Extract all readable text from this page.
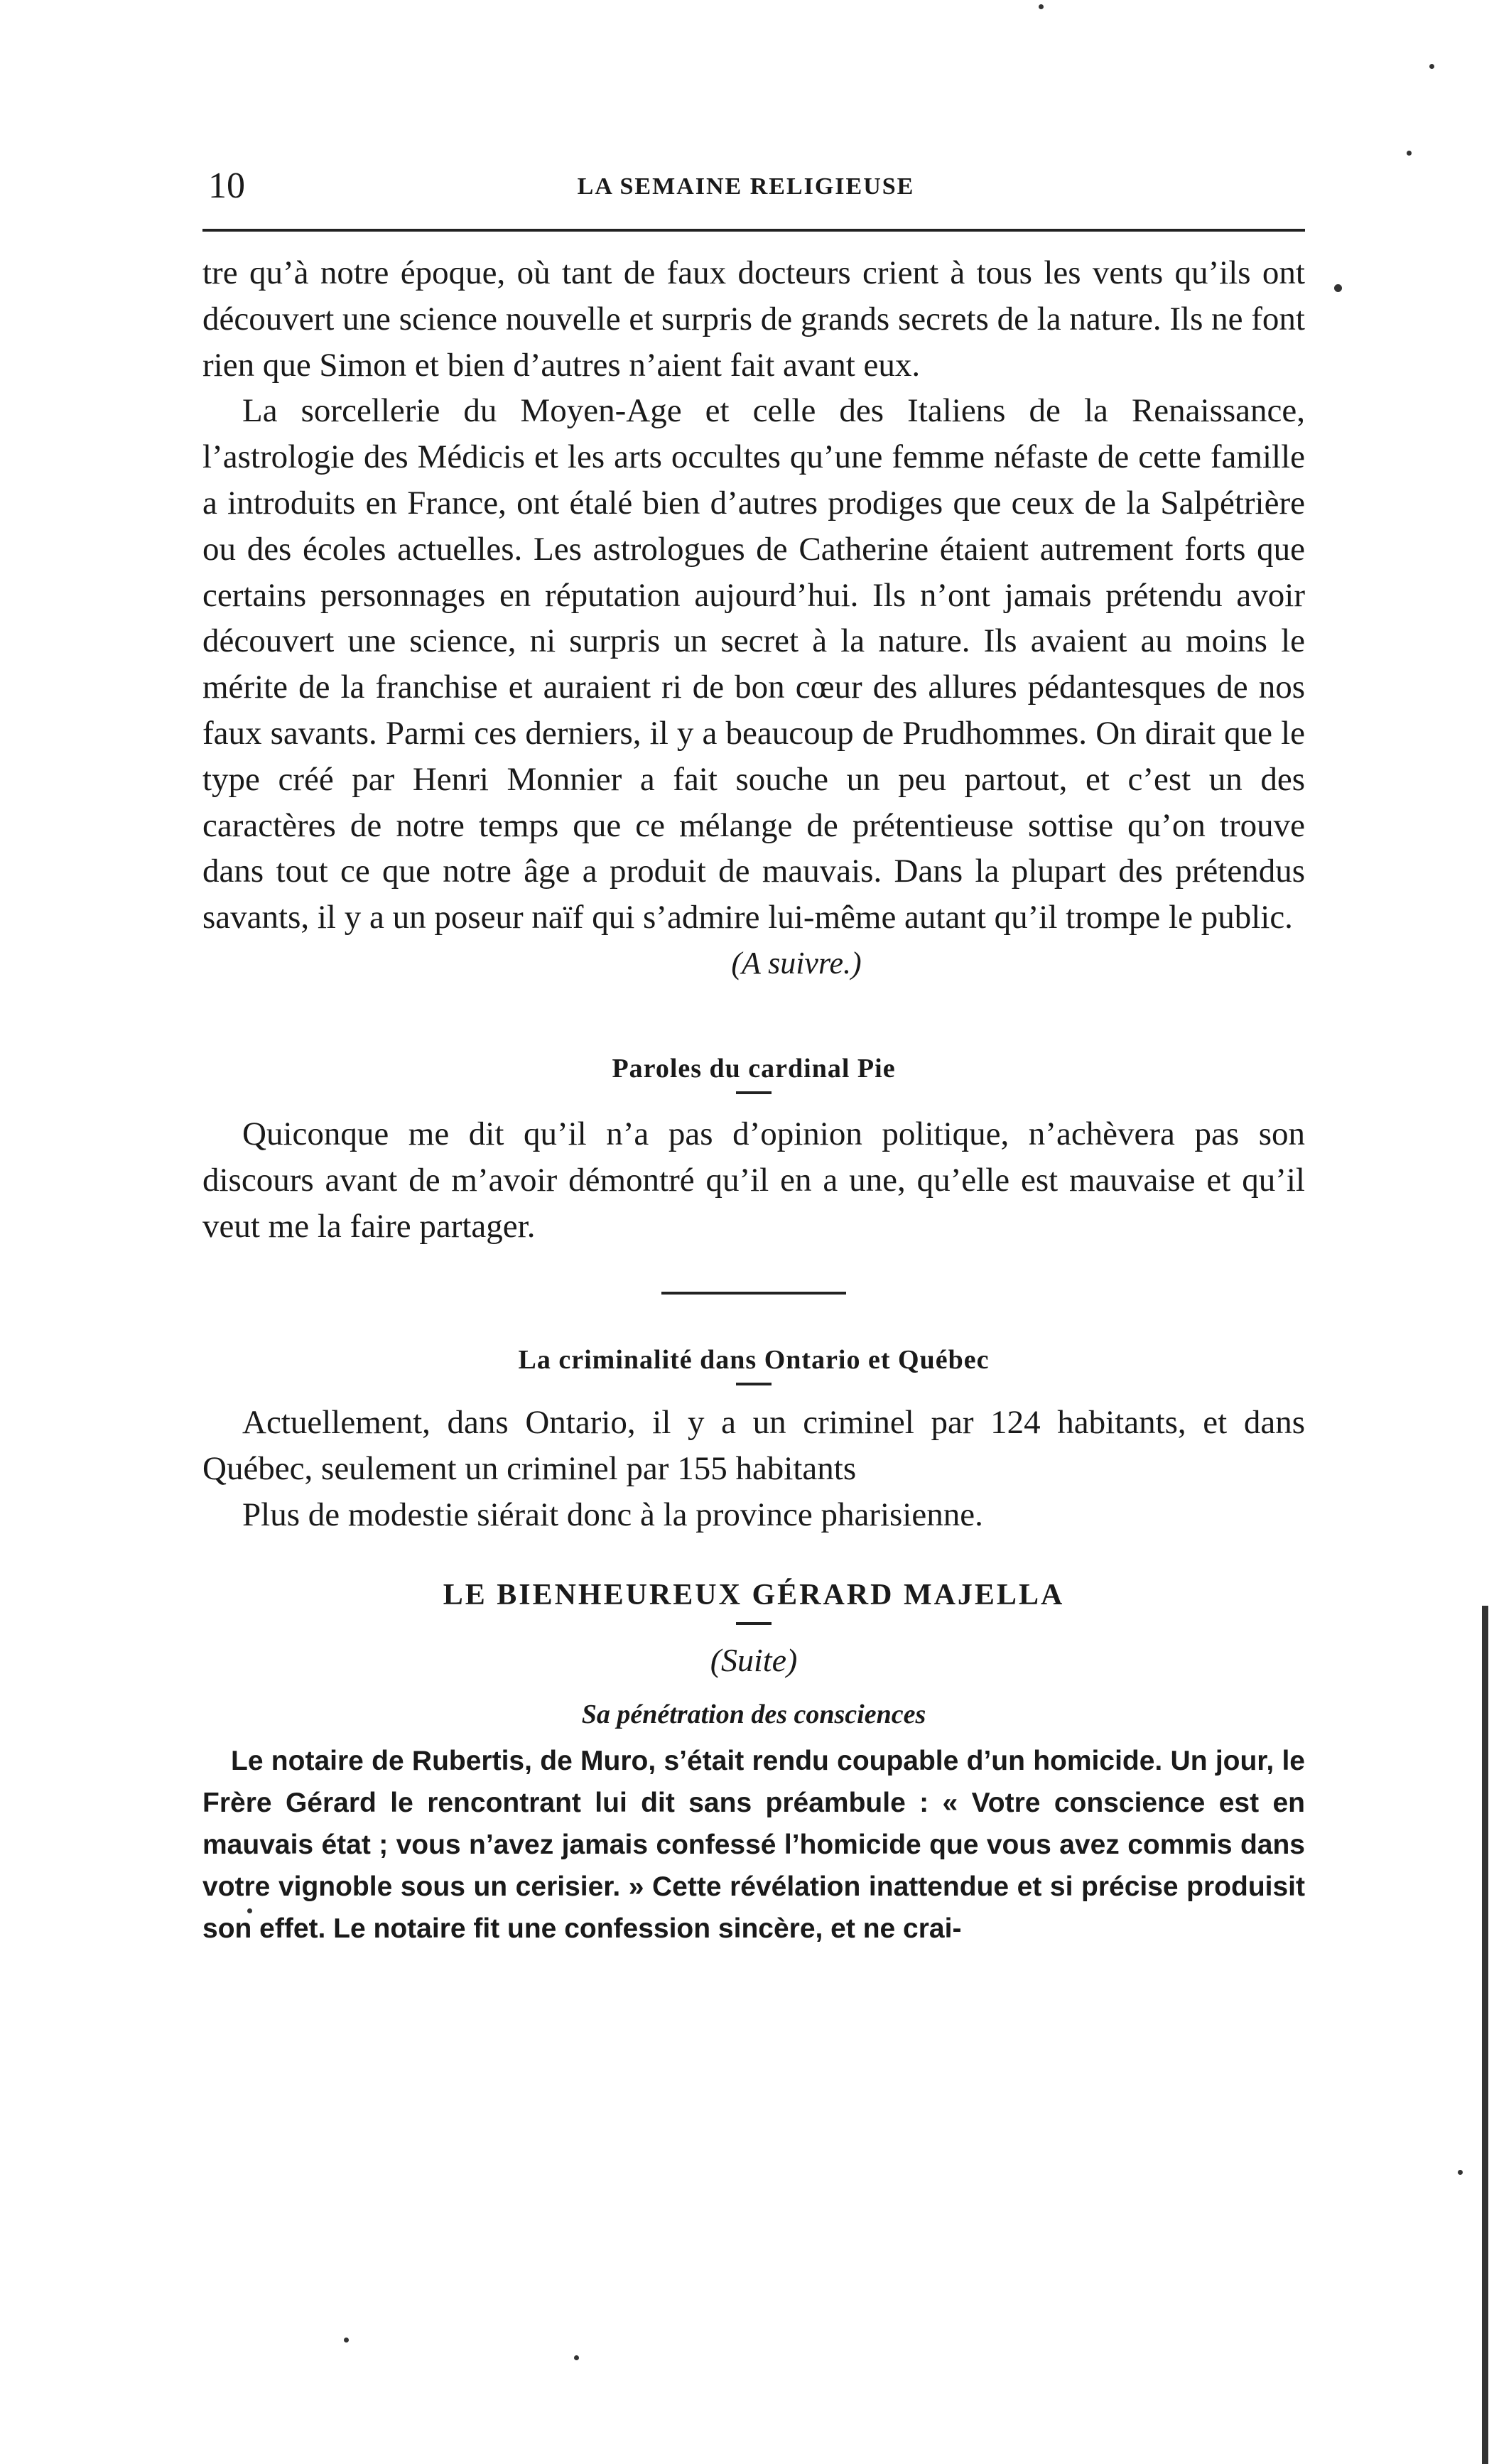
10	LA SEMAINE RELIGIEUSE

tre qu’à notre époque, où tant de faux docteurs crient à tous les vents qu’ils ont découvert une science nouvelle et surpris de grands secrets de la nature. Ils ne font rien que Simon et bien d’autres n’aient fait avant eux.

La sorcellerie du Moyen-Age et celle des Italiens de la Renaissance, l’astrologie des Médicis et les arts occultes qu’une femme néfaste de cette famille a introduits en France, ont étalé bien d’autres prodiges que ceux de la Salpétrière ou des écoles actuelles. Les astrologues de Catherine étaient autrement forts que certains personnages en réputation aujourd’hui. Ils n’ont jamais prétendu avoir découvert une science, ni surpris un secret à la nature. Ils avaient au moins le mérite de la franchise et auraient ri de bon cœur des allures pédantesques de nos faux savants. Parmi ces derniers, il y a beaucoup de Prudhommes. On dirait que le type créé par Henri Monnier a fait souche un peu partout, et c’est un des caractères de notre temps que ce mélange de prétentieuse sottise qu’on trouve dans tout ce que notre âge a produit de mauvais. Dans la plupart des prétendus savants, il y a un poseur naïf qui s’admire lui-même autant qu’il trompe le public.

(A suivre.)

Paroles du cardinal Pie

Quiconque me dit qu’il n’a pas d’opinion politique, n’achèvera pas son discours avant de m’avoir démontré qu’il en a une, qu’elle est mauvaise et qu’il veut me la faire partager.

La criminalité dans Ontario et Québec

Actuellement, dans Ontario, il y a un criminel par 124 habitants, et dans Québec, seulement un criminel par 155 habitants

Plus de modestie siérait donc à la province pharisienne.

LE BIENHEUREUX GÉRARD MAJELLA

(Suite)

Sa pénétration des consciences

Le notaire de Rubertis, de Muro, s’était rendu coupable d’un homicide. Un jour, le Frère Gérard le rencontrant lui dit sans préambule : « Votre conscience est en mauvais état ; vous n’avez jamais confessé l’homicide que vous avez commis dans votre vignoble sous un cerisier. » Cette révélation inattendue et si précise produisit son effet. Le notaire fit une confession sincère, et ne crai-
